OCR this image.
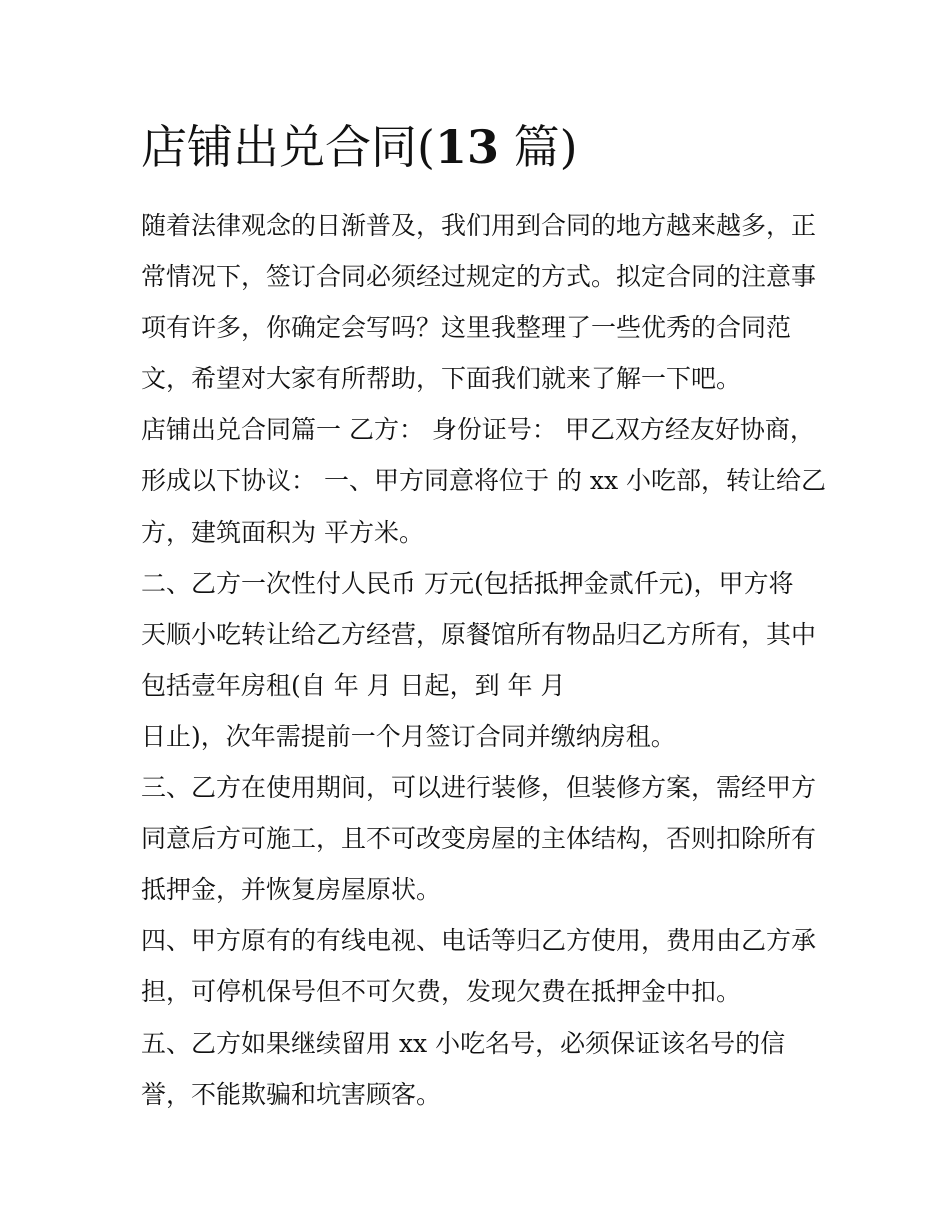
店铺出兑合同(13 篇)
随着法律观念的日渐普及，我们用到合同的地方越来越多，正
常情况下，签订合同必须经过规定的方式。拟定合同的注意事
项有许多，你确定会写吗？这里我整理了一些优秀的合同范
文，希望对大家有所帮助，下面我们就来了解一下吧。
店铺出兑合同篇一 乙方： 身份证号： 甲乙双方经友好协商，
形成以下协议： 一、甲方同意将位于 的 xx 小吃部，转让给乙
方，建筑面积为 平方米。
二、乙方一次性付人民币 万元(包括抵押金贰仟元)，甲方将
天顺小吃转让给乙方经营，原餐馆所有物品归乙方所有，其中
包括壹年房租(自 年 月 日起，到 年 月
日止)，次年需提前一个月签订合同并缴纳房租。
三、乙方在使用期间，可以进行装修，但装修方案，需经甲方
同意后方可施工，且不可改变房屋的主体结构，否则扣除所有
抵押金，并恢复房屋原状。
四、甲方原有的有线电视、电话等归乙方使用，费用由乙方承
担，可停机保号但不可欠费，发现欠费在抵押金中扣。
五、乙方如果继续留用 xx 小吃名号，必须保证该名号的信
誉，不能欺骗和坑害顾客。
